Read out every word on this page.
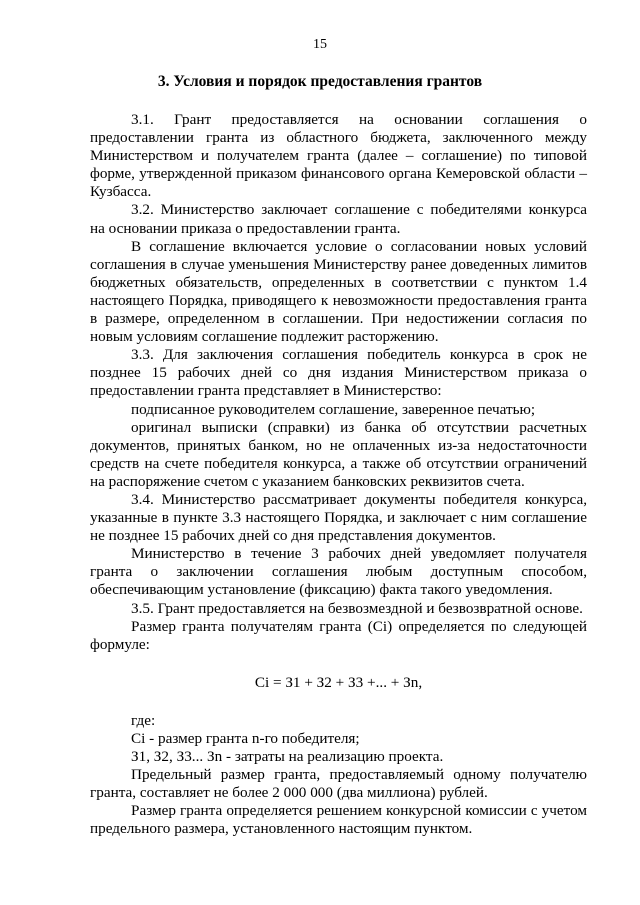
15
3. Условия и порядок предоставления грантов

3.1. Грант предоставляется на основании соглашения о предоставлении гранта из областного бюджета, заключенного между Министерством и получателем гранта (далее – соглашение) по типовой форме, утвержденной приказом финансового органа Кемеровской области – Кузбасса.

3.2. Министерство заключает соглашение с победителями конкурса на основании приказа о предоставлении гранта.

В соглашение включается условие о согласовании новых условий соглашения в случае уменьшения Министерству ранее доведенных лимитов бюджетных обязательств, определенных в соответствии с пунктом 1.4 настоящего Порядка, приводящего к невозможности предоставления гранта в размере, определенном в соглашении. При недостижении согласия по новым условиям соглашение подлежит расторжению.

3.3. Для заключения соглашения победитель конкурса в срок не позднее 15 рабочих дней со дня издания Министерством приказа о предоставлении гранта представляет в Министерство:

подписанное руководителем соглашение, заверенное печатью;

оригинал выписки (справки) из банка об отсутствии расчетных документов, принятых банком, но не оплаченных из-за недостаточности средств на счете победителя конкурса, а также об отсутствии ограничений на распоряжение счетом с указанием банковских реквизитов счета.

3.4. Министерство рассматривает документы победителя конкурса, указанные в пункте 3.3 настоящего Порядка, и заключает с ним соглашение не позднее 15 рабочих дней со дня представления документов.

Министерство в течение 3 рабочих дней уведомляет получателя гранта о заключении соглашения любым доступным способом, обеспечивающим установление (фиксацию) факта такого уведомления.

3.5. Грант предоставляется на безвозмездной и безвозвратной основе.

Размер гранта получателям гранта (Ci) определяется по следующей формуле:

Ci = З1 + З2 + З3 +... + Зn,

где:

Ci - размер гранта n-го победителя;

З1, З2, З3... Зn - затраты на реализацию проекта.

Предельный размер гранта, предоставляемый одному получателю гранта, составляет не более 2 000 000 (два миллиона) рублей.

Размер гранта определяется решением конкурсной комиссии с учетом предельного размера, установленного настоящим пунктом.
